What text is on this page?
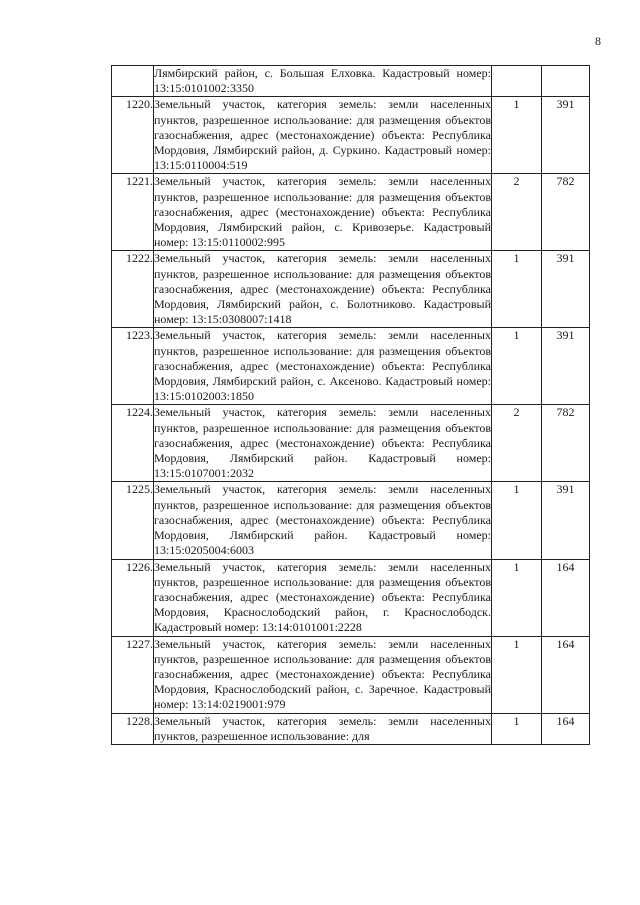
8

	Лямбирский район, с. Большая Елховка. Кадастровый номер: 13:15:0101002:3350		

1220.	Земельный участок, категория земель: земли населенных пунктов, разрешенное использование: для размещения объектов газоснабжения, адрес (местонахождение) объекта: Республика Мордовия, Лямбирский район, д. Суркино. Кадастровый номер: 13:15:0110004:519	1	391
1221.	Земельный участок, категория земель: земли населенных пунктов, разрешенное использование: для размещения объектов газоснабжения, адрес (местонахождение) объекта: Республика Мордовия, Лямбирский район, с. Кривозерье. Кадастровый номер: 13:15:0110002:995	2	782
1222.	Земельный участок, категория земель: земли населенных пунктов, разрешенное использование: для размещения объектов газоснабжения, адрес (местонахождение) объекта: Республика Мордовия, Лямбирский район, с. Болотниково. Кадастровый номер: 13:15:0308007:1418	1	391
1223.	Земельный участок, категория земель: земли населенных пунктов, разрешенное использование: для размещения объектов газоснабжения, адрес (местонахождение) объекта: Республика Мордовия, Лямбирский район, с. Аксеново. Кадастровый номер: 13:15:0102003:1850	1	391
1224.	Земельный участок, категория земель: земли населенных пунктов, разрешенное использование: для размещения объектов газоснабжения, адрес (местонахождение) объекта: Республика Мордовия, Лямбирский район. Кадастровый номер: 13:15:0107001:2032	2	782
1225.	Земельный участок, категория земель: земли населенных пунктов, разрешенное использование: для размещения объектов газоснабжения, адрес (местонахождение) объекта: Республика Мордовия, Лямбирский район. Кадастровый номер: 13:15:0205004:6003	1	391
1226.	Земельный участок, категория земель: земли населенных пунктов, разрешенное использование: для размещения объектов газоснабжения, адрес (местонахождение) объекта: Республика Мордовия, Краснослободский район, г. Краснослободск. Кадастровый номер: 13:14:0101001:2228	1	164
1227.	Земельный участок, категория земель: земли населенных пунктов, разрешенное использование: для размещения объектов газоснабжения, адрес (местонахождение) объекта: Республика Мордовия, Краснослободский район, с. Заречное. Кадастровый номер: 13:14:0219001:979	1	164
1228.	Земельный участок, категория земель: земли населенных пунктов, разрешенное использование: для	1	164
